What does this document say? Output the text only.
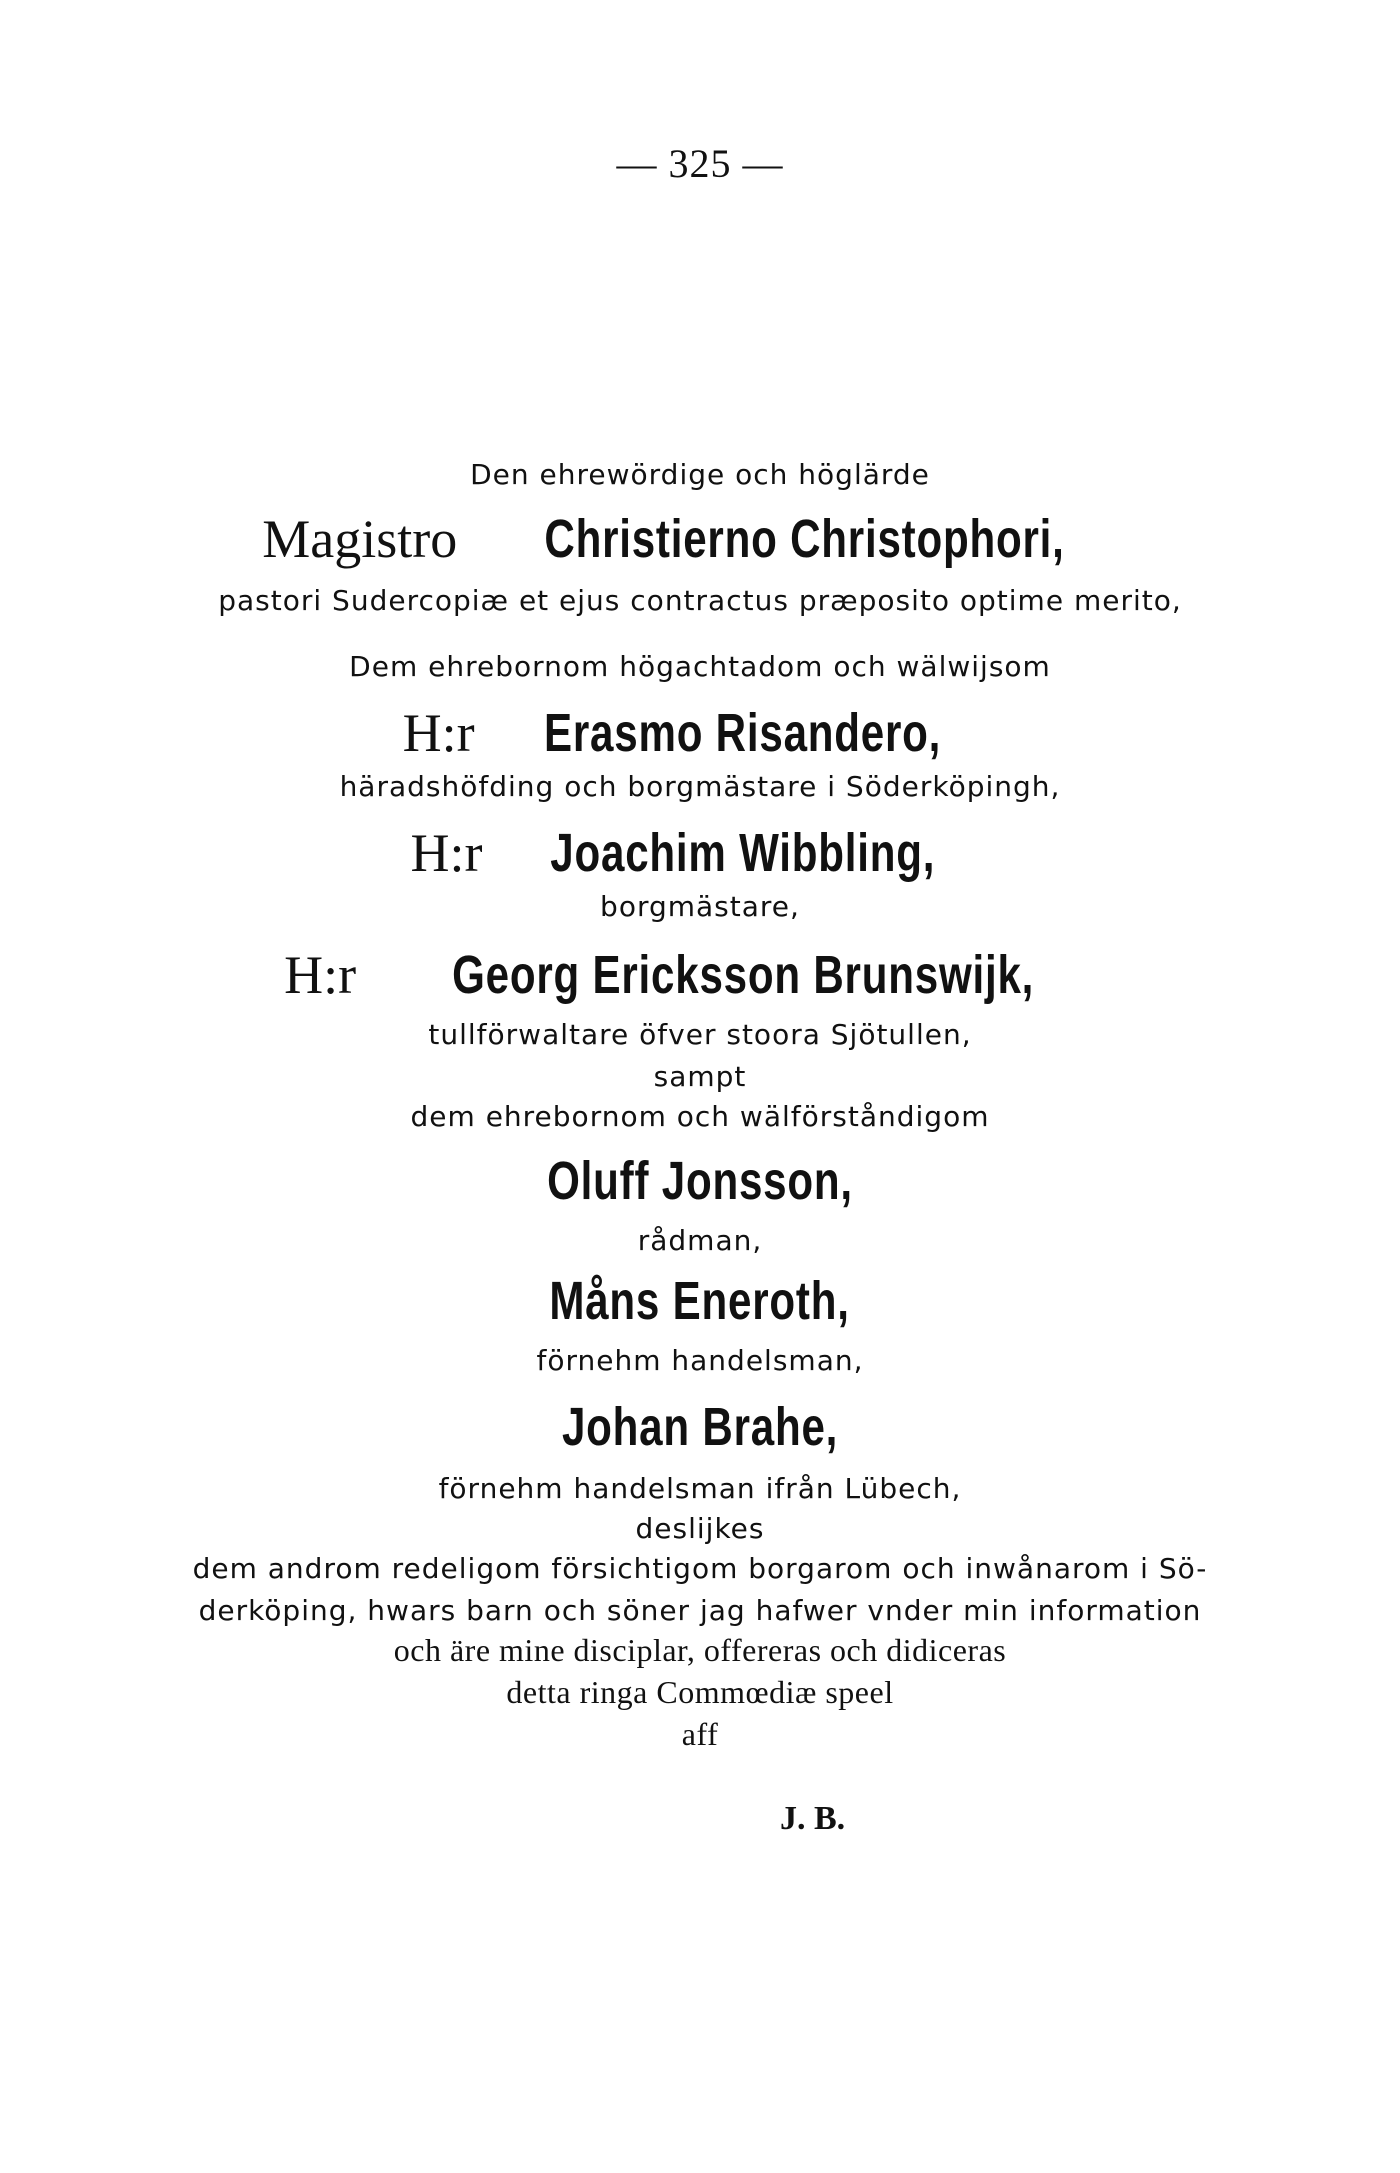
— 325 —
Den ehrewördige och höglärde
Magistro Christierno Christophori,
pastori Sudercopiæ et ejus contractus præposito optime merito,
Dem ehrebornom högachtadom och wälwijsom
H:r Erasmo Risandero,
häradshöfding och borgmästare i Söderköpingh,
H:r Joachim Wibbling,
borgmästare,
H:r Georg Ericksson Brunswijk,
tullförwaltare öfver stoora Sjötullen,
sampt
dem ehrebornom och wälförståndigom
Oluff Jonsson,
rådman,
Måns Eneroth,
förnehm handelsman,
Johan Brahe,
förnehm handelsman ifrån Lübech,
deslijkes
dem androm redeligom försichtigom borgarom och inwånarom i Sö-
derköping, hwars barn och söner jag hafwer vnder min information
och äre mine disciplar, offereras och didiceras
detta ringa Commœdiæ speel
aff
J. B.
